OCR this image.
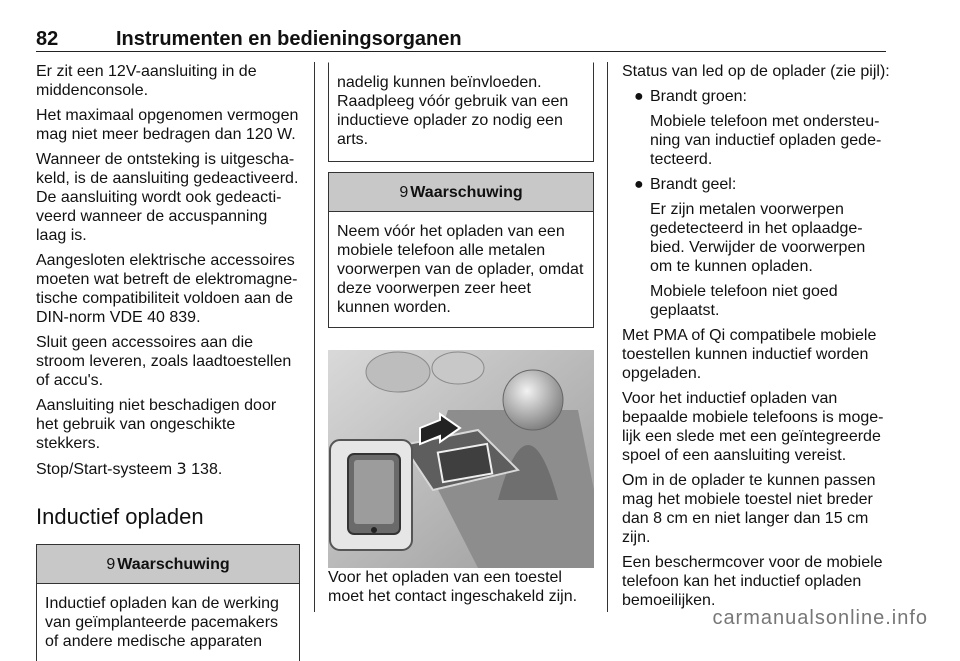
82	Instrumenten en bedieningsorganen

Er zit een 12V-aansluiting in de middenconsole.

Het maximaal opgenomen vermogen mag niet meer bedragen dan 120 W.

Wanneer de ontsteking is uitgescha-keld, is de aansluiting gedeactiveerd. De aansluiting wordt ook gedeacti-veerd wanneer de accuspanning laag is.

Aangesloten elektrische accessoires moeten wat betreft de elektromagne-tische compatibiliteit voldoen aan de DIN-norm VDE 40 839.

Sluit geen accessoires aan die stroom leveren, zoals laadtoestellen of accu's.

Aansluiting niet beschadigen door het gebruik van ongeschikte stekkers.

Stop/Start-systeem 3 138.

Inductief opladen
9 Waarschuwing
Inductief opladen kan de werking van geïmplanteerde pacemakers of andere medische apparaten
nadelig kunnen beïnvloeden. Raadpleeg vóór gebruik van een inductieve oplader zo nodig een arts.
9 Waarschuwing
Neem vóór het opladen van een mobiele telefoon alle metalen voorwerpen van de oplader, omdat deze voorwerpen zeer heet kunnen worden.

Voor het opladen van een toestel moet het contact ingeschakeld zijn.

Status van led op de oplader (zie pijl):

● Brandt groen:

Mobiele telefoon met ondersteu-ning van inductief opladen gede-tecteerd.

● Brandt geel:

Er zijn metalen voorwerpen gedetecteerd in het oplaadge-bied. Verwijder de voorwerpen om te kunnen opladen.

Mobiele telefoon niet goed geplaatst.

Met PMA of Qi compatibele mobiele toestellen kunnen inductief worden opgeladen.

Voor het inductief opladen van bepaalde mobiele telefoons is moge-lijk een slede met een geïntegreerde spoel of een aansluiting vereist.

Om in de oplader te kunnen passen mag het mobiele toestel niet breder dan 8 cm en niet langer dan 15 cm zijn.

Een beschermcover voor de mobiele telefoon kan het inductief opladen bemoeilijken.

carmanualsonline.info
